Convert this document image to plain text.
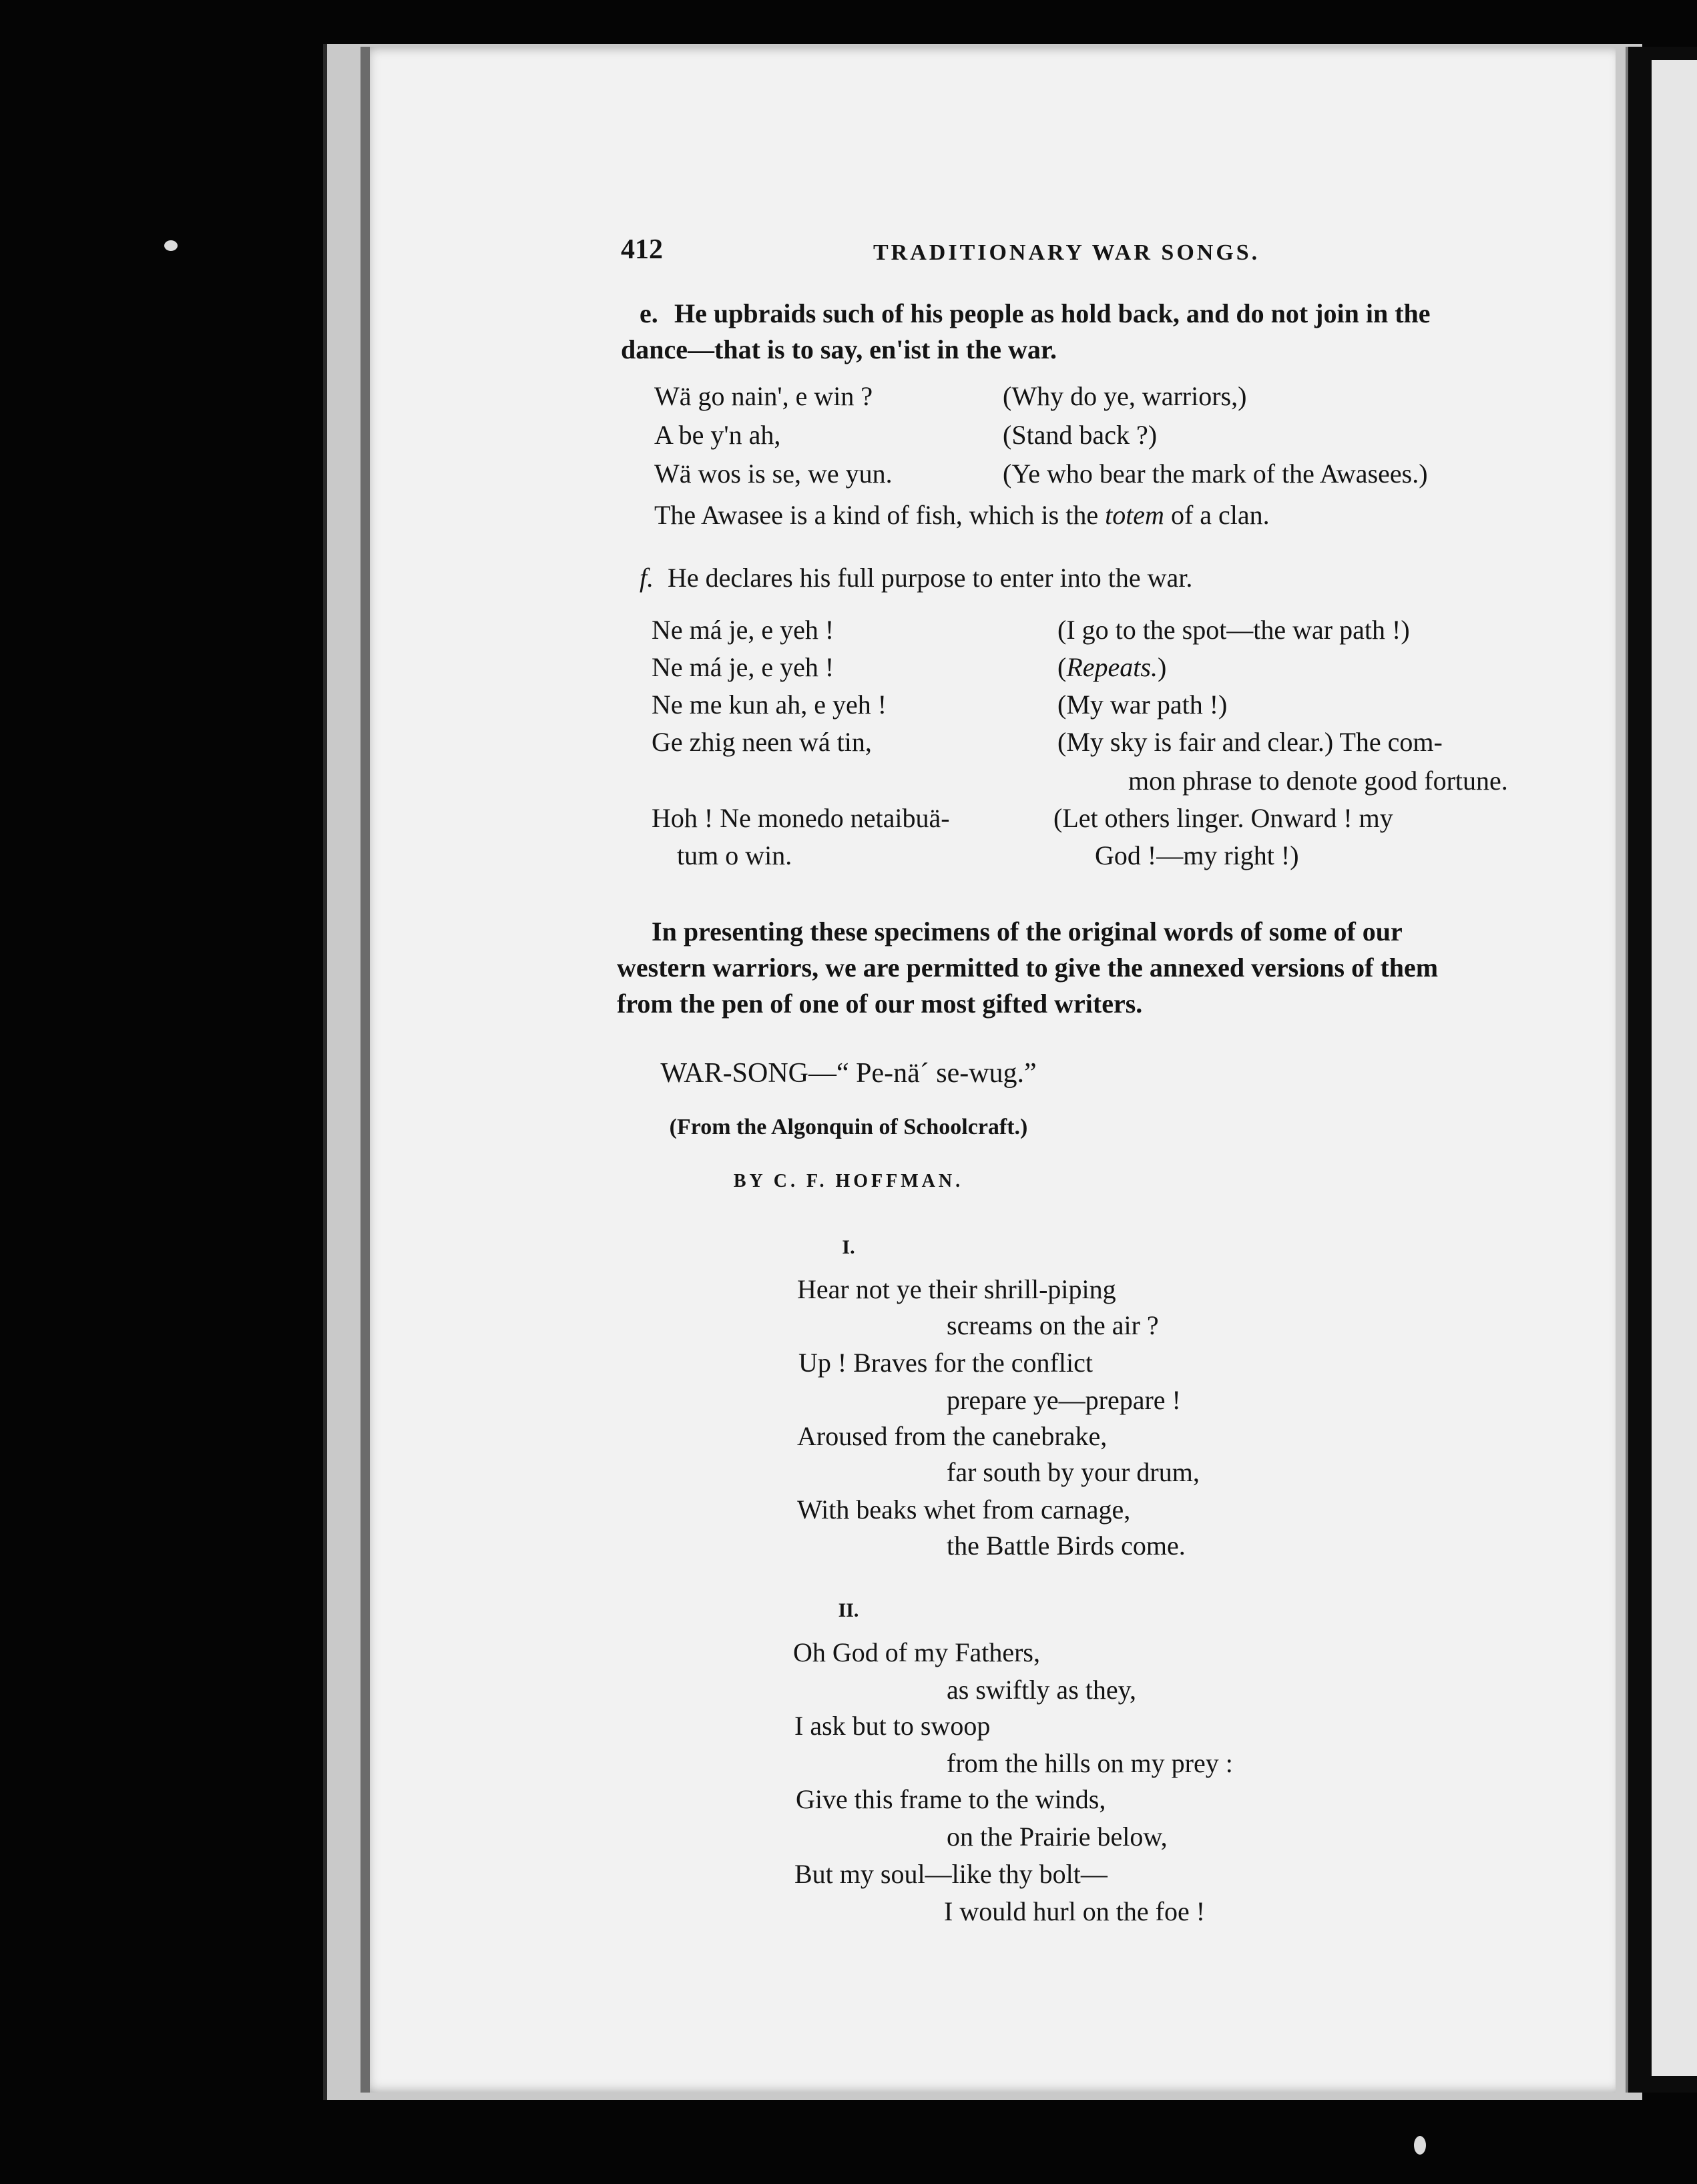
412	TRADITIONARY WAR SONGS.
e. He upbraids such of his people as hold back, and do not join in the
dance—that is to say, en'ist in the war.
Wä go nain', e win ?	(Why do ye, warriors,)
A be y'n ah,	(Stand back ?)
Wä wos is se, we yun.	(Ye who bear the mark of the Awasees.)
The Awasee is a kind of fish, which is the totem of a clan.
f. He declares his full purpose to enter into the war.
Ne má je, e yeh !	(I go to the spot—the war path !)
Ne má je, e yeh !	(Repeats.)
Ne me kun ah, e yeh !	(My war path !)
Ge zhig neen wá tin,	(My sky is fair and clear.) The com-
mon phrase to denote good fortune.
Hoh ! Ne monedo netaibuä-	(Let others linger. Onward ! my
tum o win.	God !—my right !)
In presenting these specimens of the original words of some of our
western warriors, we are permitted to give the annexed versions of them
from the pen of one of our most gifted writers.
WAR-SONG—“ Pe-nä´ se-wug.”
(From the Algonquin of Schoolcraft.)
BY C. F. HOFFMAN.
I.
Hear not ye their shrill-piping
screams on the air ?
Up ! Braves for the conflict
prepare ye—prepare !
Aroused from the canebrake,
far south by your drum,
With beaks whet from carnage,
the Battle Birds come.
II.
Oh God of my Fathers,
as swiftly as they,
I ask but to swoop
from the hills on my prey :
Give this frame to the winds,
on the Prairie below,
But my soul—like thy bolt—
I would hurl on the foe !
